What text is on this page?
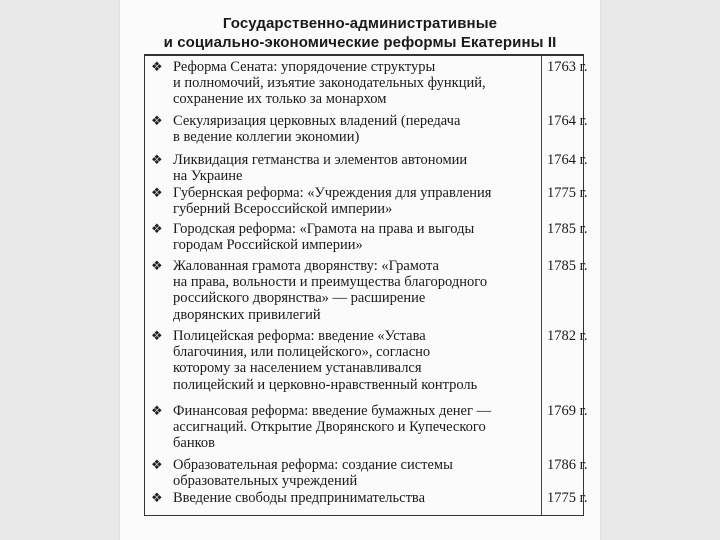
Государственно-административные
и социально-экономические реформы Екатерины II
❖ Реформа Сената: упорядочение структуры
и полномочий, изъятие законодательных функций,
сохранение их только за монархом
1763 г.
❖ Секуляризация церковных владений (передача
в ведение коллегии экономии)
1764 г.
❖ Ликвидация гетманства и элементов автономии
на Украине
1764 г.
❖ Губернская реформа: «Учреждения для управления
губерний Всероссийской империи»
1775 г.
❖ Городская реформа: «Грамота на права и выгоды
городам Российской империи»
1785 г.
❖ Жалованная грамота дворянству: «Грамота
на права, вольности и преимущества благородного
российского дворянства» — расширение
дворянских привилегий
1785 г.
❖ Полицейская реформа: введение «Устава
благочиния, или полицейского», согласно
которому за населением устанавливался
полицейский и церковно-нравственный контроль
1782 г.
❖ Финансовая реформа: введение бумажных денег —
ассигнаций. Открытие Дворянского и Купеческого
банков
1769 г.
❖ Образовательная реформа: создание системы
образовательных учреждений
1786 г.
❖ Введение свободы предпринимательства	1775 г.
